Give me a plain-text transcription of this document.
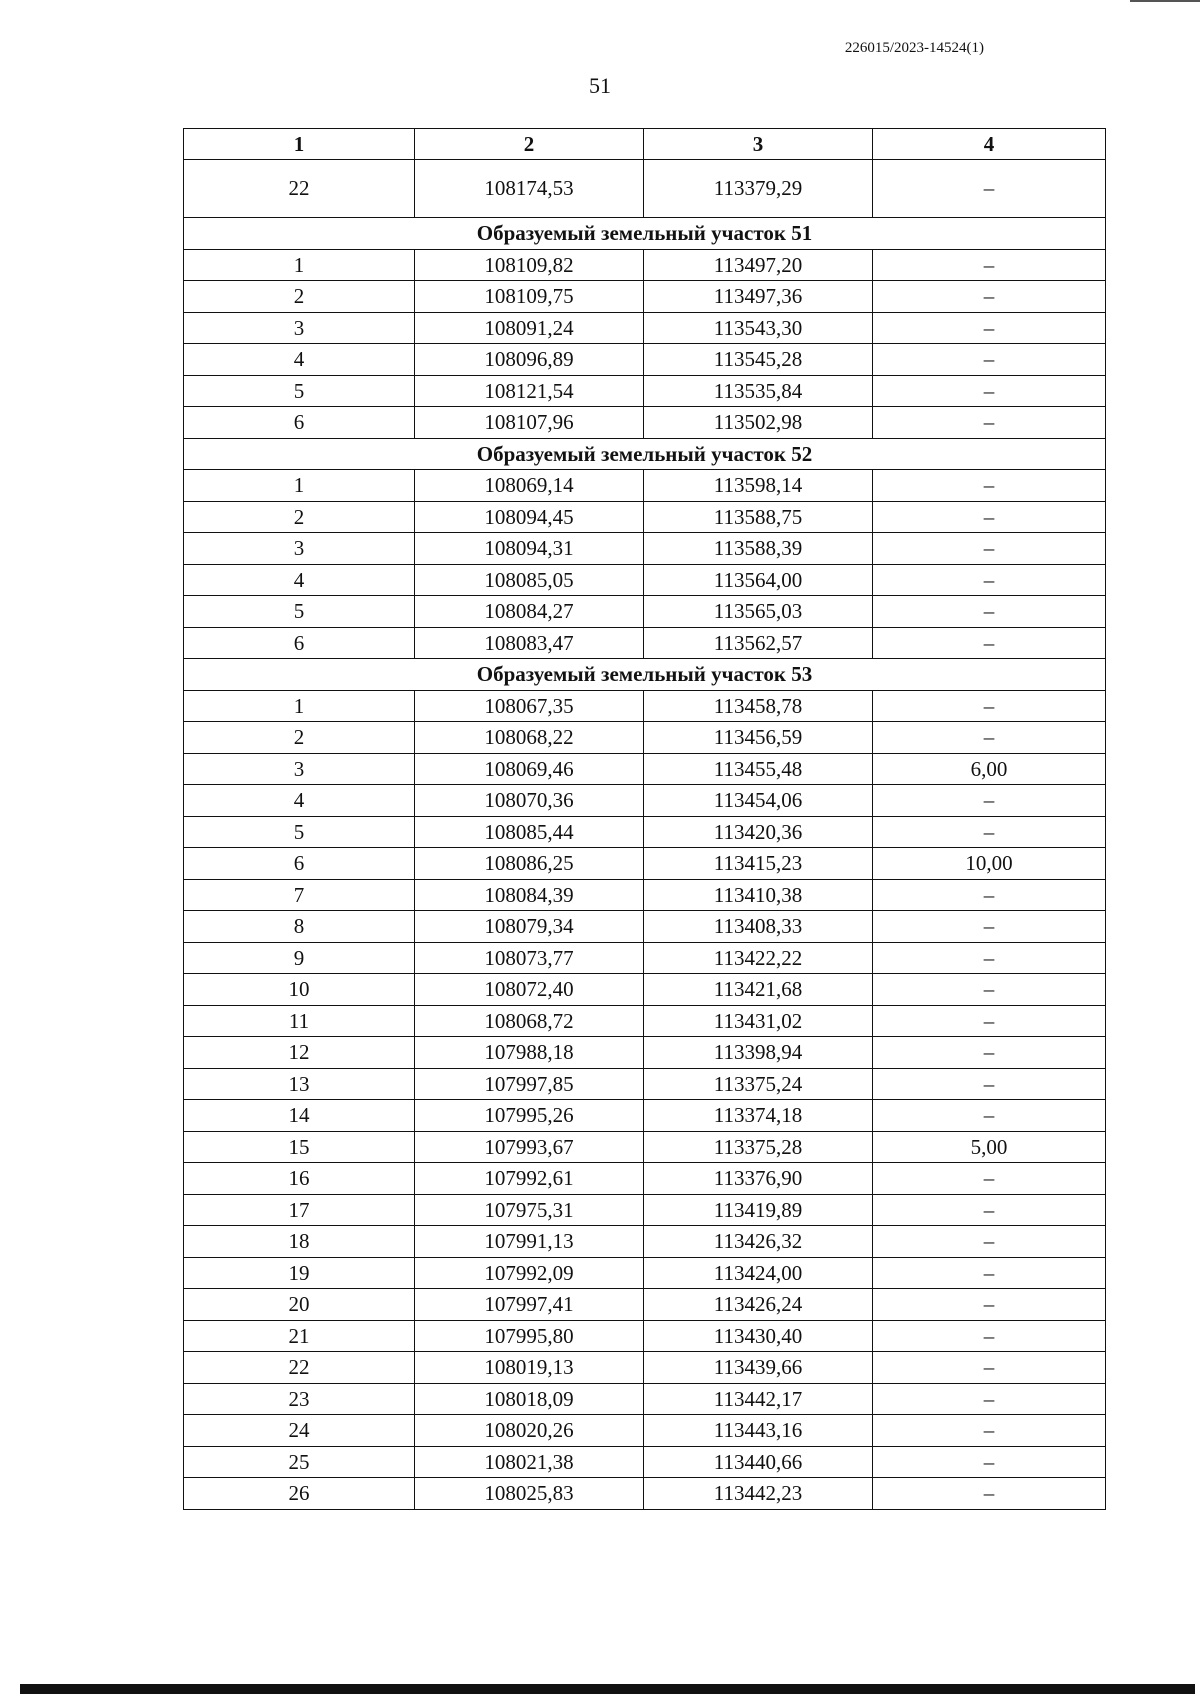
226015/2023-14524(1)
51
1	2	3	4
22	108174,53	113379,29	–
Образуемый земельный участок 51			
1	108109,82	113497,20	–
2	108109,75	113497,36	–
3	108091,24	113543,30	–
4	108096,89	113545,28	–
5	108121,54	113535,84	–
6	108107,96	113502,98	–
Образуемый земельный участок 52			
1	108069,14	113598,14	–
2	108094,45	113588,75	–
3	108094,31	113588,39	–
4	108085,05	113564,00	–
5	108084,27	113565,03	–
6	108083,47	113562,57	–
Образуемый земельный участок 53			
1	108067,35	113458,78	–
2	108068,22	113456,59	–
3	108069,46	113455,48	6,00
4	108070,36	113454,06	–
5	108085,44	113420,36	–
6	108086,25	113415,23	10,00
7	108084,39	113410,38	–
8	108079,34	113408,33	–
9	108073,77	113422,22	–
10	108072,40	113421,68	–
11	108068,72	113431,02	–
12	107988,18	113398,94	–
13	107997,85	113375,24	–
14	107995,26	113374,18	–
15	107993,67	113375,28	5,00
16	107992,61	113376,90	–
17	107975,31	113419,89	–
18	107991,13	113426,32	–
19	107992,09	113424,00	–
20	107997,41	113426,24	–
21	107995,80	113430,40	–
22	108019,13	113439,66	–
23	108018,09	113442,17	–
24	108020,26	113443,16	–
25	108021,38	113440,66	–
26	108025,83	113442,23	–
